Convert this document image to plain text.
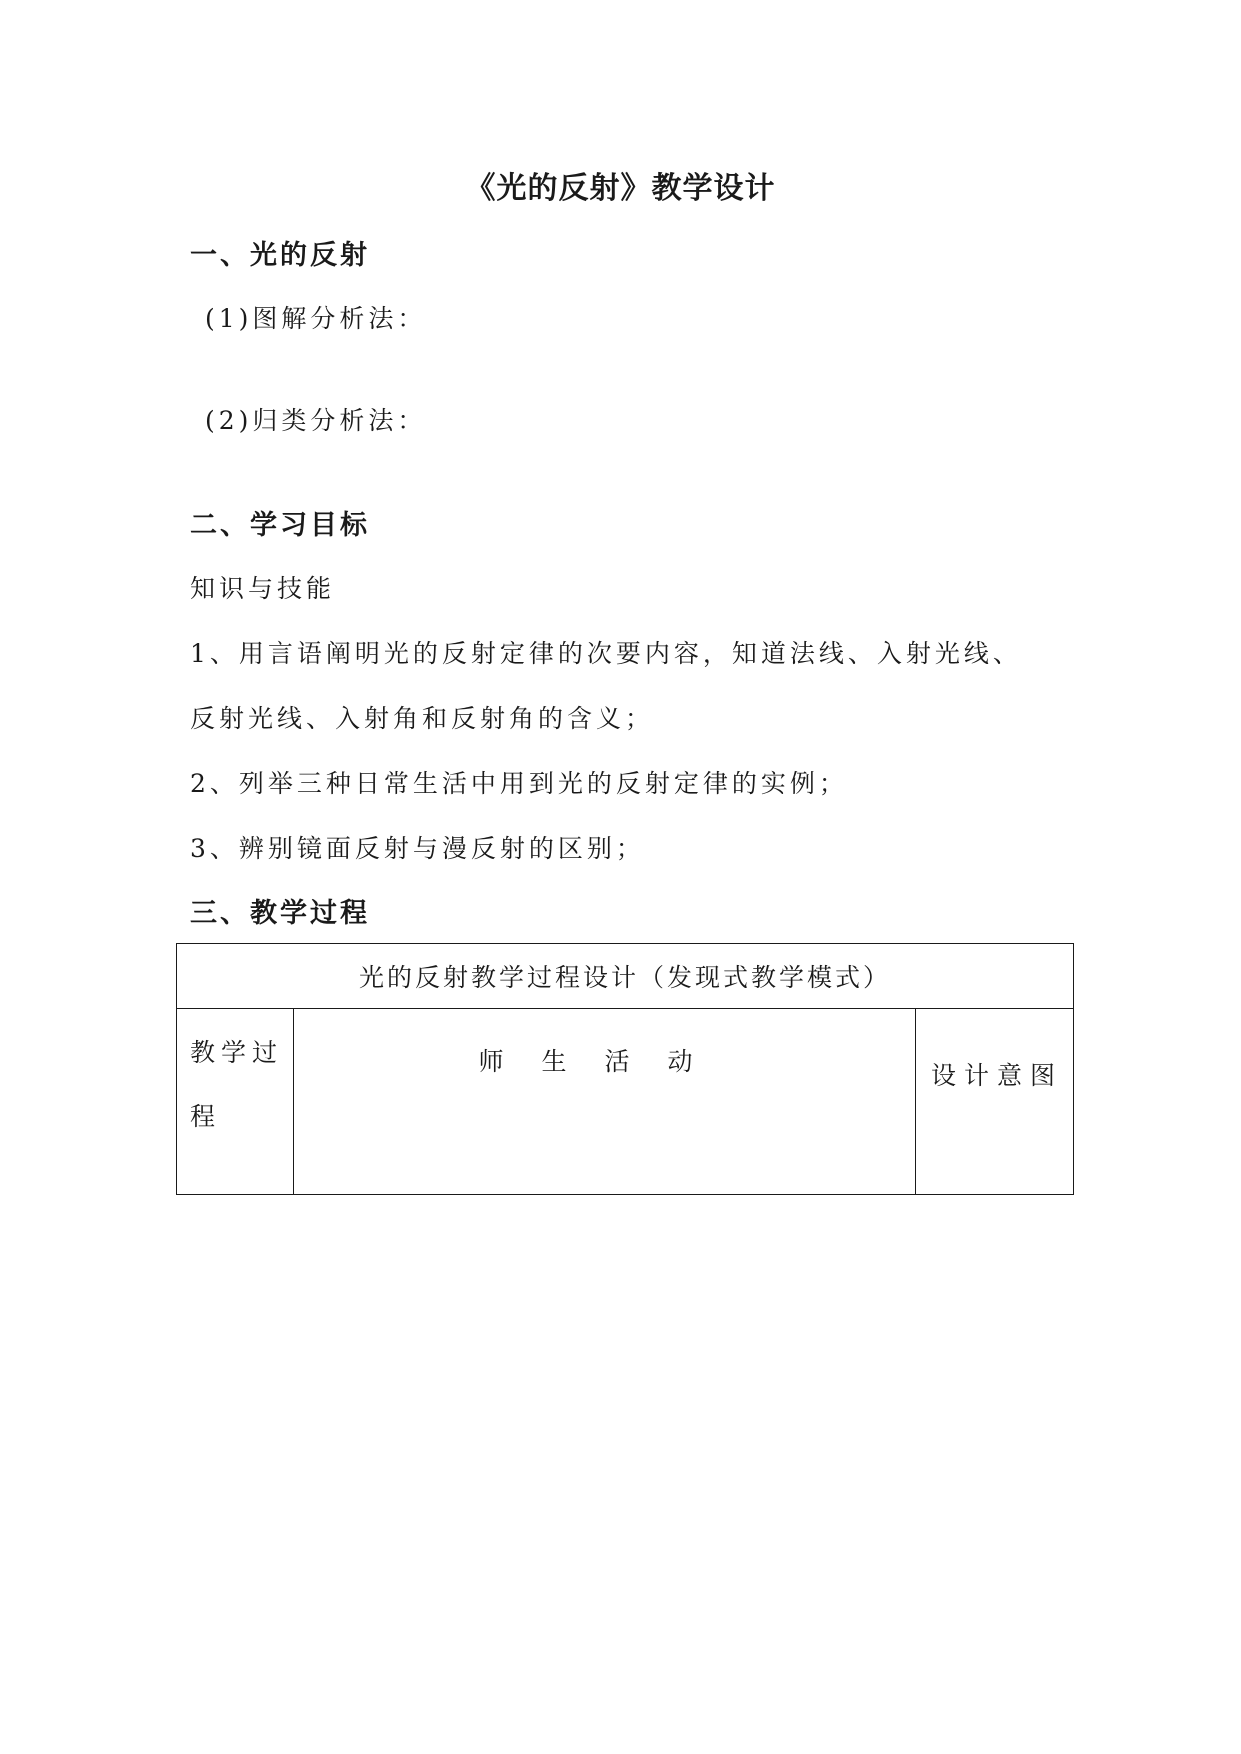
《光的反射》教学设计
一、光的反射
(1)图解分析法：
(2)归类分析法：
二、学习目标
知识与技能
1、用言语阐明光的反射定律的次要内容，知道法线、入射光线、
反射光线、入射角和反射角的含义；
2、列举三种日常生活中用到光的反射定律的实例；
3、辨别镜面反射与漫反射的区别；
三、教学过程
光的反射教学过程设计（发现式教学模式）
教学过程	师生活动	设计意图
